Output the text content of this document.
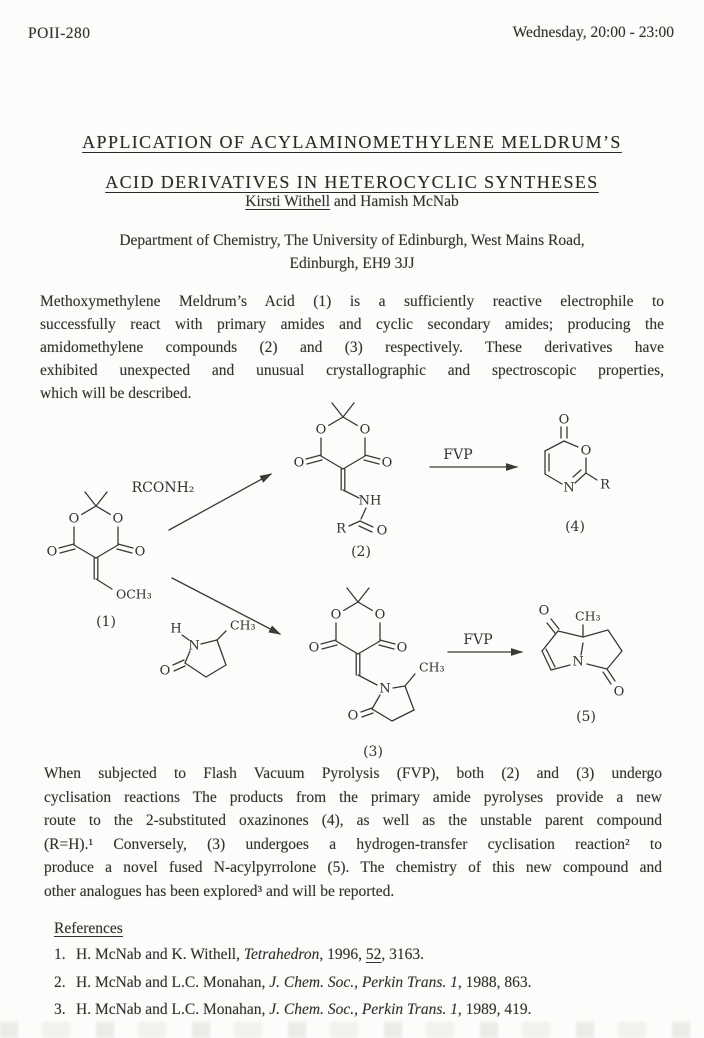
POII-280	Wednesday, 20:00 - 23:00
APPLICATION OF ACYLAMINOMETHYLENE MELDRUM’S
ACID DERIVATIVES IN HETEROCYCLIC SYNTHESES
Kirsti Withell and Hamish McNab
Department of Chemistry, The University of Edinburgh, West Mains Road,
Edinburgh, EH9 3JJ
Methoxymethylene Meldrum’s Acid (1) is a sufficiently reactive electrophile to
successfully react with primary amides and cyclic secondary amides; producing the
amidomethylene compounds (2) and (3) respectively. These derivatives have
exhibited unexpected and unusual crystallographic and spectroscopic properties,
which will be described.
O
OCH₃
(1)
RCONH₂
NH
O
R
(2)
FVP
O
O
N R
(4)
H
N
CH₃
O
N
CH₃
O
(3)
FVP
CH₃
O
N
O
(5)
When subjected to Flash Vacuum Pyrolysis (FVP), both (2) and (3) undergo
cyclisation reactions The products from the primary amide pyrolyses provide a new
route to the 2-substituted oxazinones (4), as well as the unstable parent compound
(R=H).¹ Conversely, (3) undergoes a hydrogen-transfer cyclisation reaction² to
produce a novel fused N-acylpyrrolone (5). The chemistry of this new compound and
other analogues has been explored³ and will be reported.
References
1. H. McNab and K. Withell, Tetrahedron, 1996, 52, 3163.
2. H. McNab and L.C. Monahan, J. Chem. Soc., Perkin Trans. 1, 1988, 863.
3. H. McNab and L.C. Monahan, J. Chem. Soc., Perkin Trans. 1, 1989, 419.
